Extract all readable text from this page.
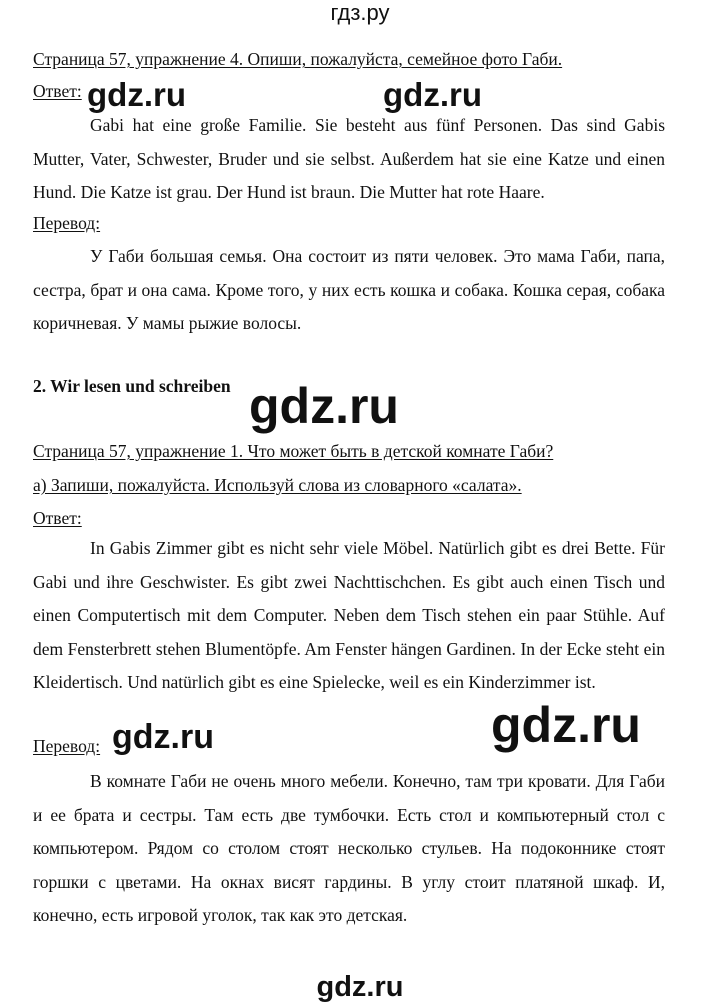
гдз.ру
Страница 57, упражнение 4. Опиши, пожалуйста, семейное фото Габи.
Ответ:
Gabi hat eine große Familie. Sie besteht aus fünf Personen. Das sind Gabis Mutter, Vater, Schwester, Bruder und sie selbst. Außerdem hat sie eine Katze und einen Hund. Die Katze ist grau. Der Hund ist braun. Die Mutter hat rote Haare.
Перевод:
У Габи большая семья. Она состоит из пяти человек. Это мама Габи, папа, сестра, брат и она сама. Кроме того, у них есть кошка и собака. Кошка серая, собака коричневая. У мамы рыжие волосы.
2. Wir lesen und schreiben
Страница 57, упражнение 1. Что может быть в детской комнате Габи?
а) Запиши, пожалуйста. Используй слова из словарного «салата».
Ответ:
In Gabis Zimmer gibt es nicht sehr viele Möbel. Natürlich gibt es drei Bette. Für Gabi und ihre Geschwister. Es gibt zwei Nachttischchen. Es gibt auch einen Tisch und einen Computertisch mit dem Computer. Neben dem Tisch stehen ein paar Stühle. Auf dem Fensterbrett stehen Blumentöpfe. Am Fenster hängen Gardinen. In der Ecke steht ein Kleidertisch. Und natürlich gibt es eine Spielecke, weil es ein Kinderzimmer ist.
Перевод:
В комнате Габи не очень много мебели. Конечно, там три кровати. Для Габи и ее брата и сестры. Там есть две тумбочки. Есть стол и компьютерный стол с компьютером. Рядом со столом стоят несколько стульев. На подоконнике стоят горшки с цветами. На окнах висят гардины. В углу стоит платяной шкаф. И, конечно, есть игровой уголок, так как это детская.
gdz.ru	gdz.ru
gdz.ru
gdz.ru
gdz.ru
gdz.ru
